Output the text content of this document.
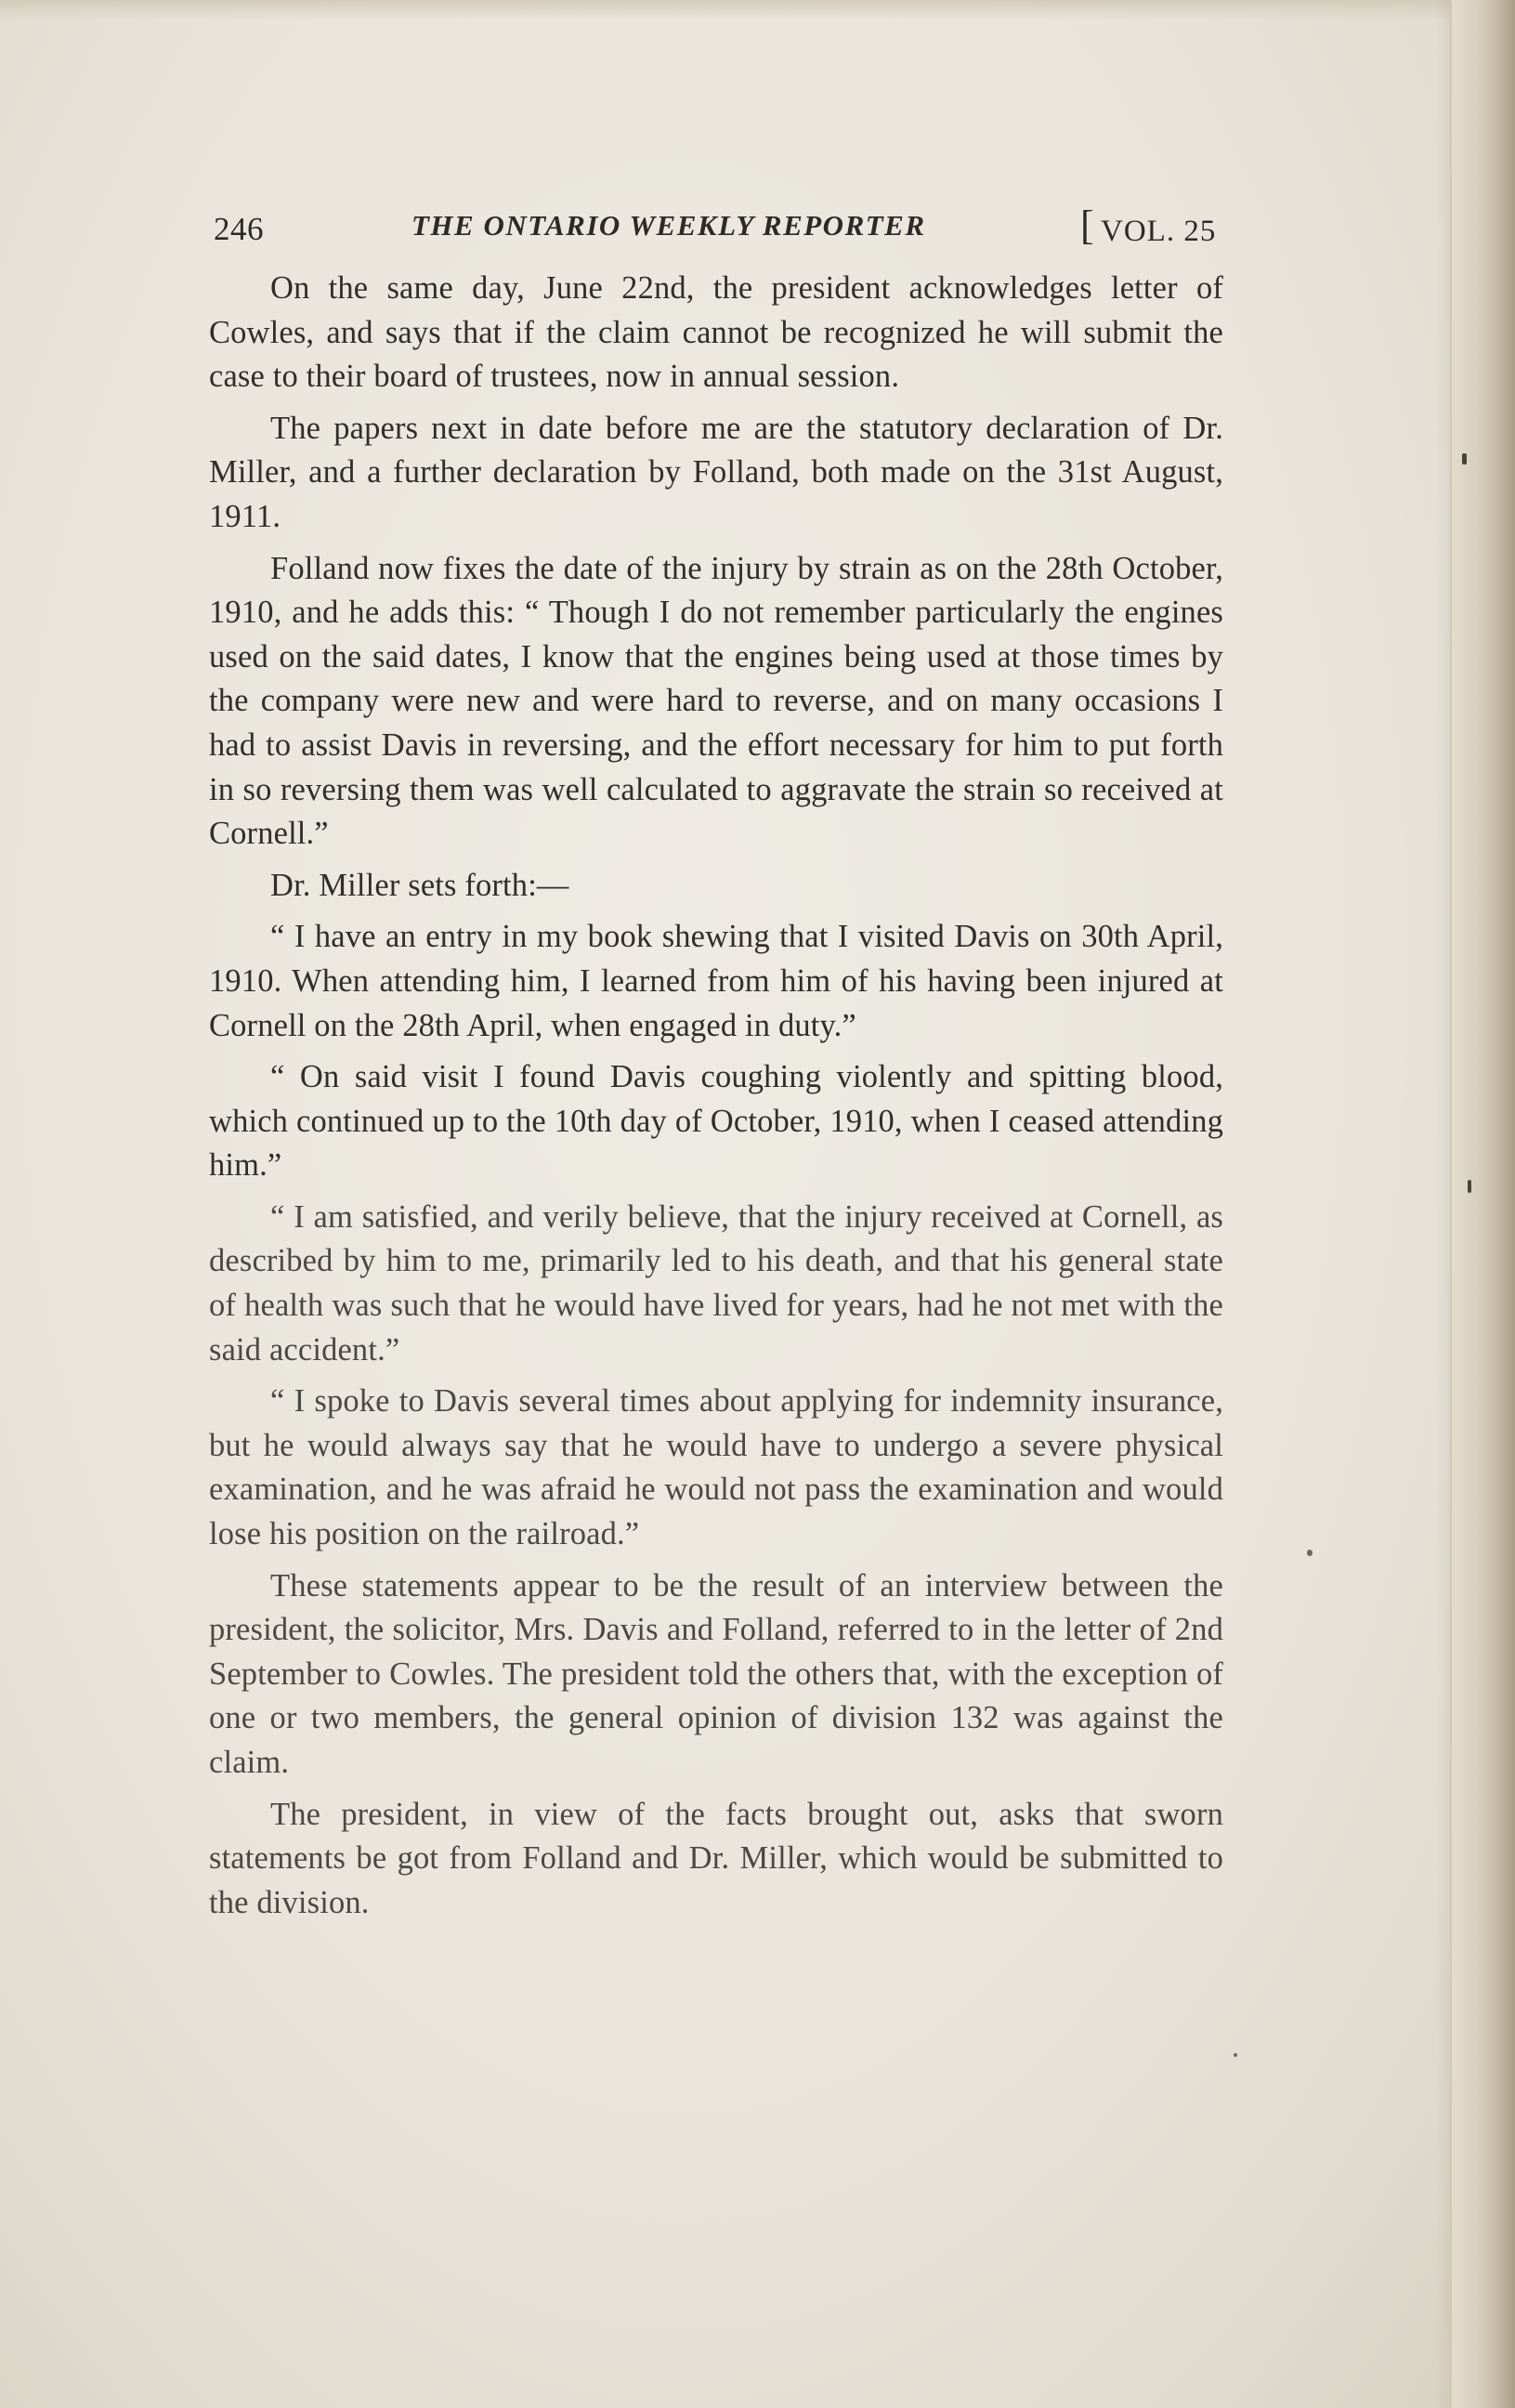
246	THE ONTARIO WEEKLY REPORTER	[ VOL. 25

On the same day, June 22nd, the president acknowledges letter of Cowles, and says that if the claim cannot be recognized he will submit the case to their board of trustees, now in annual session.

The papers next in date before me are the statutory declaration of Dr. Miller, and a further declaration by Folland, both made on the 31st August, 1911.

Folland now fixes the date of the injury by strain as on the 28th October, 1910, and he adds this: “ Though I do not remember particularly the engines used on the said dates, I know that the engines being used at those times by the company were new and were hard to reverse, and on many occasions I had to assist Davis in reversing, and the effort necessary for him to put forth in so reversing them was well calculated to aggravate the strain so received at Cornell.”

Dr. Miller sets forth:—

“ I have an entry in my book shewing that I visited Davis on 30th April, 1910. When attending him, I learned from him of his having been injured at Cornell on the 28th April, when engaged in duty.”

“ On said visit I found Davis coughing violently and spitting blood, which continued up to the 10th day of October, 1910, when I ceased attending him.”

“ I am satisfied, and verily believe, that the injury received at Cornell, as described by him to me, primarily led to his death, and that his general state of health was such that he would have lived for years, had he not met with the said accident.”

“ I spoke to Davis several times about applying for indemnity insurance, but he would always say that he would have to undergo a severe physical examination, and he was afraid he would not pass the examination and would lose his position on the railroad.”

These statements appear to be the result of an interview between the president, the solicitor, Mrs. Davis and Folland, referred to in the letter of 2nd September to Cowles. The president told the others that, with the exception of one or two members, the general opinion of division 132 was against the claim.

The president, in view of the facts brought out, asks that sworn statements be got from Folland and Dr. Miller, which would be submitted to the division.
